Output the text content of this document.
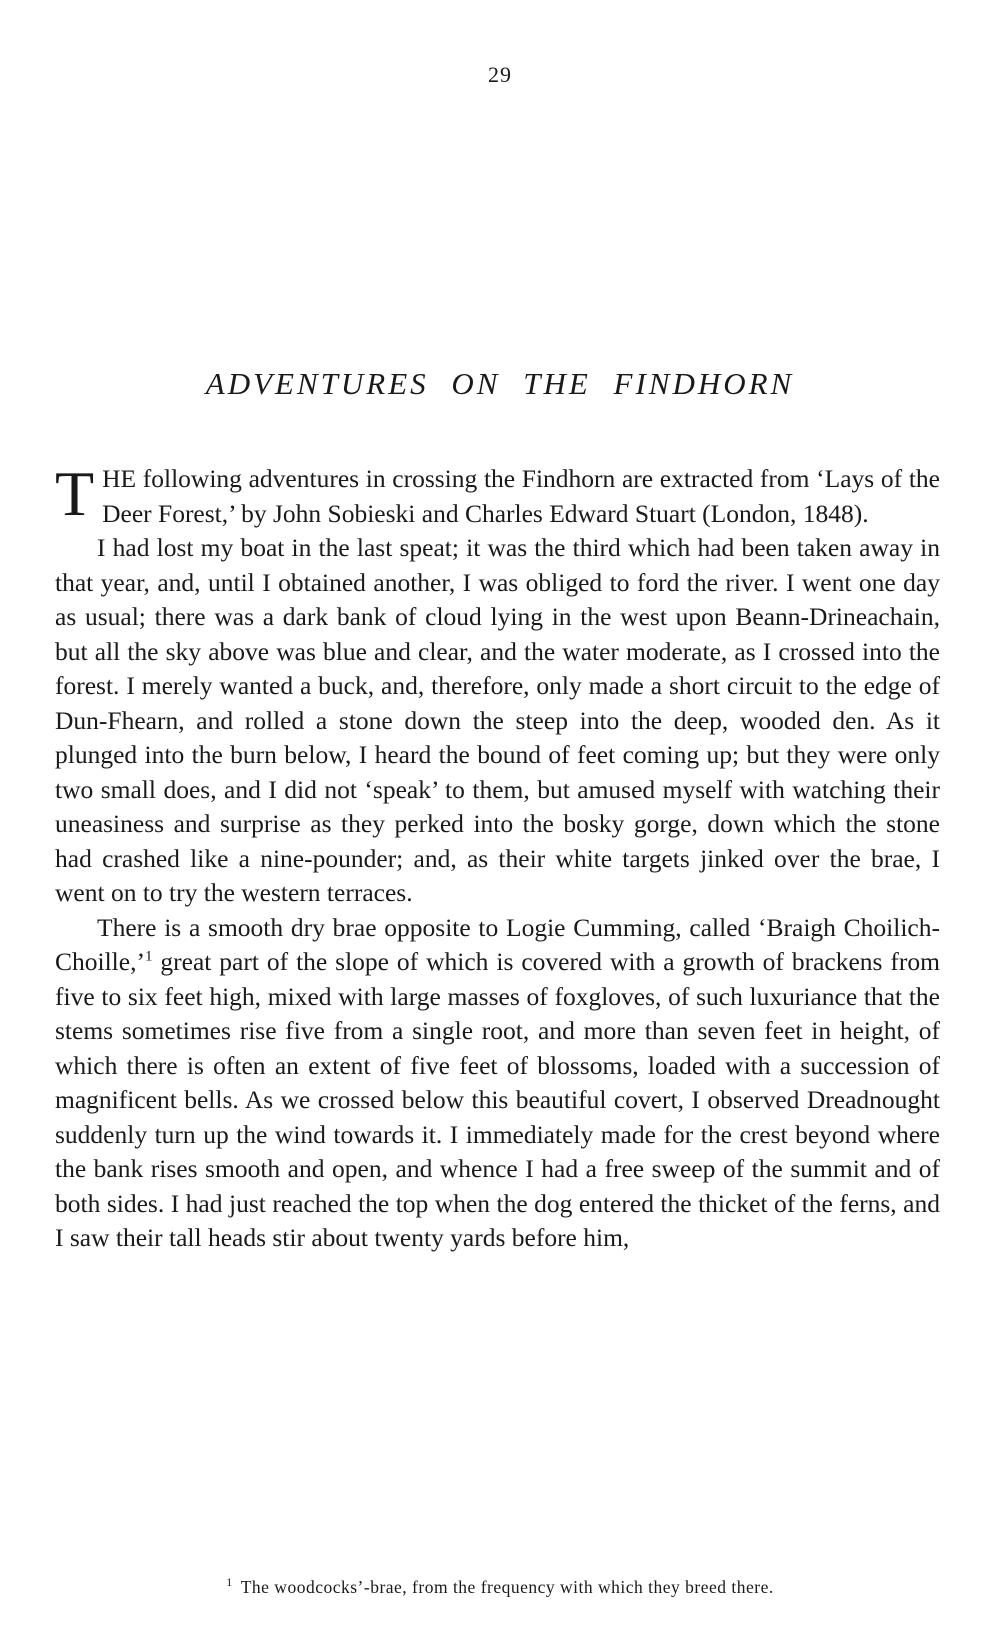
29
ADVENTURES ON THE FINDHORN

THE following adventures in crossing the Findhorn are extracted from ‘Lays of the Deer Forest,’ by John Sobieski and Charles Edward Stuart (London, 1848).

I had lost my boat in the last speat; it was the third which had been taken away in that year, and, until I obtained another, I was obliged to ford the river. I went one day as usual; there was a dark bank of cloud lying in the west upon Beann-Drineachain, but all the sky above was blue and clear, and the water moderate, as I crossed into the forest. I merely wanted a buck, and, therefore, only made a short circuit to the edge of Dun-Fhearn, and rolled a stone down the steep into the deep, wooded den. As it plunged into the burn below, I heard the bound of feet coming up; but they were only two small does, and I did not ‘speak’ to them, but amused myself with watching their uneasiness and surprise as they perked into the bosky gorge, down which the stone had crashed like a nine-pounder; and, as their white targets jinked over the brae, I went on to try the western terraces.

There is a smooth dry brae opposite to Logie Cumming, called ‘Braigh Choilich-Choille,’$^1$ great part of the slope of which is covered with a growth of brackens from five to six feet high, mixed with large masses of foxgloves, of such luxuriance that the stems sometimes rise five from a single root, and more than seven feet in height, of which there is often an extent of five feet of blossoms, loaded with a succession of magnificent bells. As we crossed below this beautiful covert, I observed Dreadnought suddenly turn up the wind towards it. I immediately made for the crest beyond where the bank rises smooth and open, and whence I had a free sweep of the summit and of both sides. I had just reached the top when the dog entered the thicket of the ferns, and I saw their tall heads stir about twenty yards before him,

$^1$ The woodcocks’-brae, from the frequency with which they breed there.
